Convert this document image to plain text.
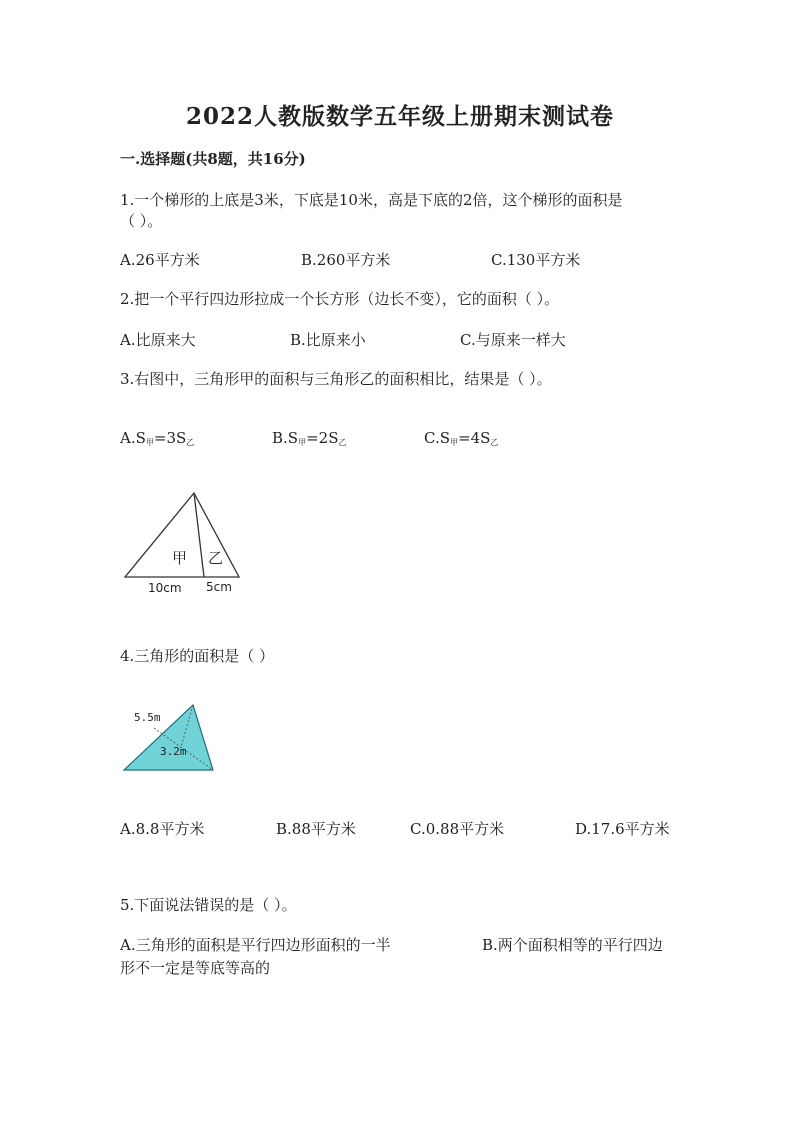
2022人教版数学五年级上册期末测试卷
一.选择题(共8题，共16分)
1.一个梯形的上底是3米，下底是10米，高是下底的2倍，这个梯形的面积是
（ ）。
A.26平方米	B.260平方米	C.130平方米
2.把一个平行四边形拉成一个长方形（边长不变），它的面积（ ）。
A.比原来大	B.比原来小	C.与原来一样大
3.右图中，三角形甲的面积与三角形乙的面积相比，结果是（ ）。
$A.S_甲=3S_乙$	$B.S_甲=2S_乙$	$C.S_甲=4S_乙$
甲 乙
10cm 5cm
4.三角形的面积是（ ）
5.5m
3.2m
A.8.8平方米	B.88平方米	C.0.88平方米	D.17.6平方米
5.下面说法错误的是（ ）。
A.三角形的面积是平行四边形面积的一半	B.两个面积相等的平行四边
形不一定是等底等高的
